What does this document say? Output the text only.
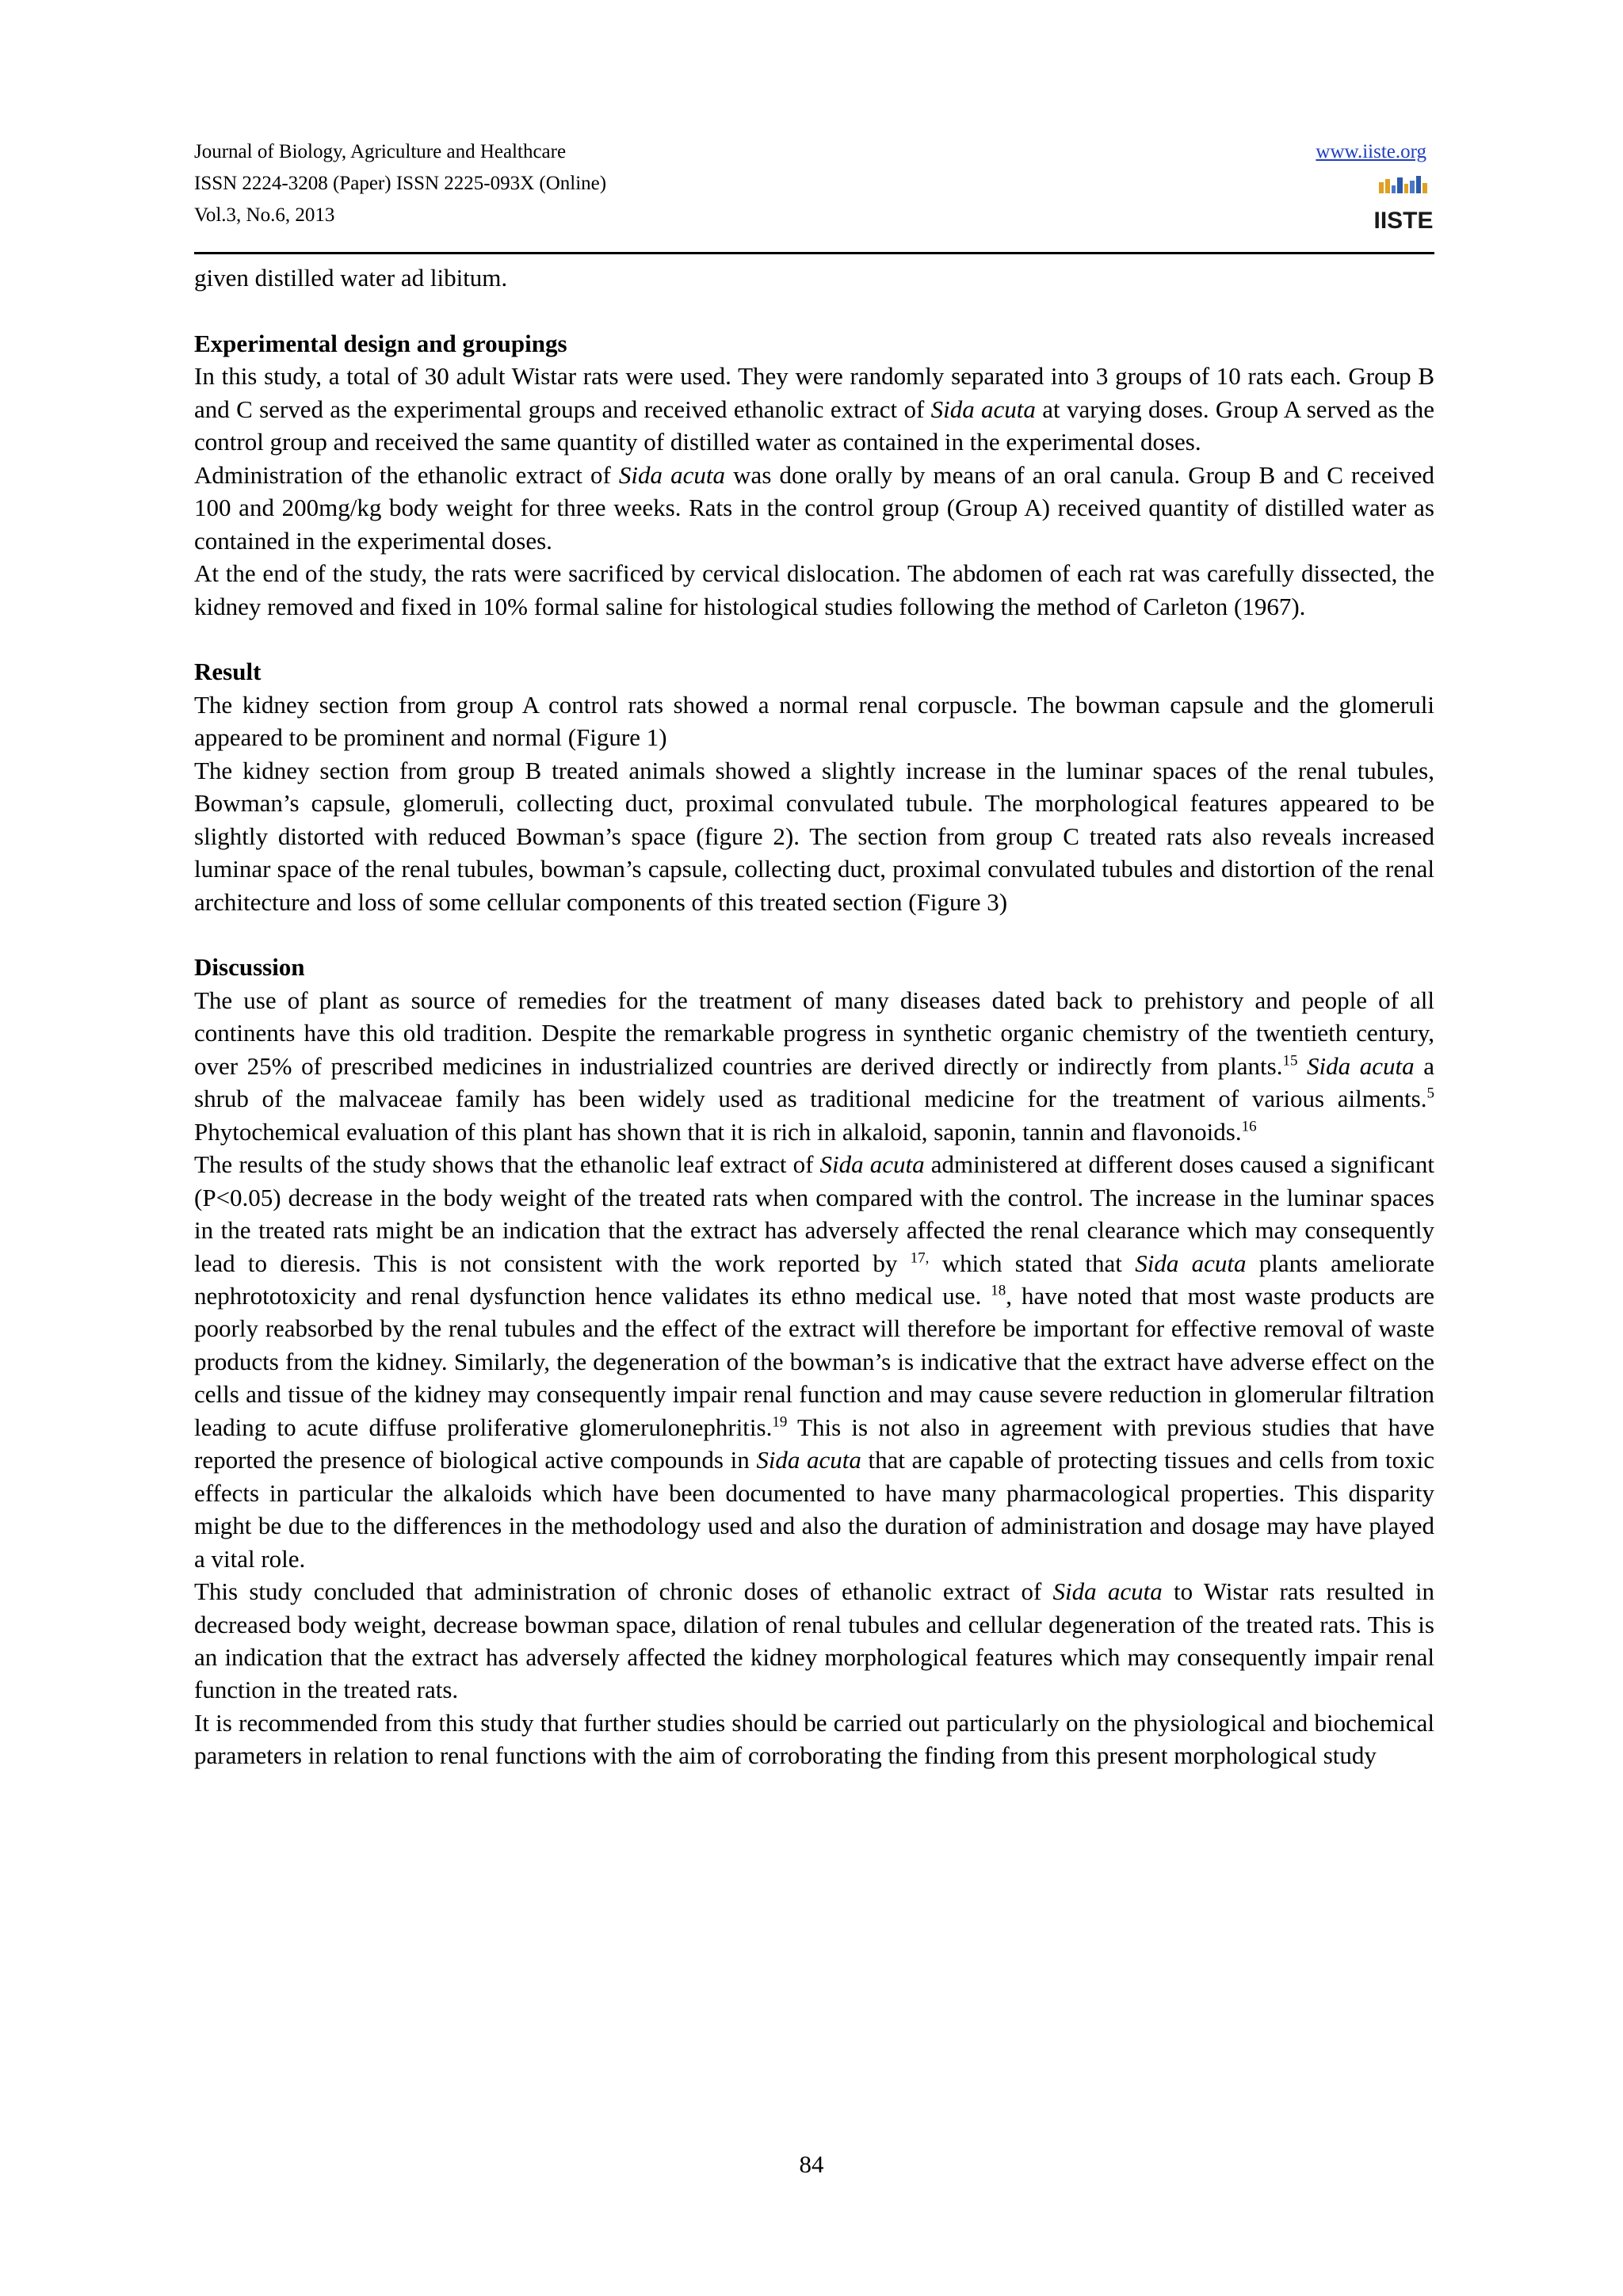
Journal of Biology, Agriculture and Healthcare
ISSN 2224-3208 (Paper) ISSN 2225-093X (Online)
Vol.3, No.6, 2013
www.iiste.org
IISTE

given distilled water ad libitum.

Experimental design and groupings

In this study, a total of 30 adult Wistar rats were used. They were randomly separated into 3 groups of 10 rats each. Group B and C served as the experimental groups and received ethanolic extract of Sida acuta at varying doses. Group A served as the control group and received the same quantity of distilled water as contained in the experimental doses.

Administration of the ethanolic extract of Sida acuta was done orally by means of an oral canula. Group B and C received 100 and 200mg/kg body weight for three weeks. Rats in the control group (Group A) received quantity of distilled water as contained in the experimental doses.

At the end of the study, the rats were sacrificed by cervical dislocation. The abdomen of each rat was carefully dissected, the kidney removed and fixed in 10% formal saline for histological studies following the method of Carleton (1967).

Result

The kidney section from group A control rats showed a normal renal corpuscle. The bowman capsule and the glomeruli appeared to be prominent and normal (Figure 1)

The kidney section from group B treated animals showed a slightly increase in the luminar spaces of the renal tubules, Bowman’s capsule, glomeruli, collecting duct, proximal convulated tubule. The morphological features appeared to be slightly distorted with reduced Bowman’s space (figure 2). The section from group C treated rats also reveals increased luminar space of the renal tubules, bowman’s capsule, collecting duct, proximal convulated tubules and distortion of the renal architecture and loss of some cellular components of this treated section (Figure 3)

Discussion

The use of plant as source of remedies for the treatment of many diseases dated back to prehistory and people of all continents have this old tradition. Despite the remarkable progress in synthetic organic chemistry of the twentieth century, over 25% of prescribed medicines in industrialized countries are derived directly or indirectly from plants.$^{15}$ Sida acuta a shrub of the malvaceae family has been widely used as traditional medicine for the treatment of various ailments.$^5$ Phytochemical evaluation of this plant has shown that it is rich in alkaloid, saponin, tannin and flavonoids.$^{16}$

The results of the study shows that the ethanolic leaf extract of Sida acuta administered at different doses caused a significant (P<0.05) decrease in the body weight of the treated rats when compared with the control. The increase in the luminar spaces in the treated rats might be an indication that the extract has adversely affected the renal clearance which may consequently lead to dieresis. This is not consistent with the work reported by $^{17,}$ which stated that Sida acuta plants ameliorate nephrototoxicity and renal dysfunction hence validates its ethno medical use. $^{18}$, have noted that most waste products are poorly reabsorbed by the renal tubules and the effect of the extract will therefore be important for effective removal of waste products from the kidney. Similarly, the degeneration of the bowman’s is indicative that the extract have adverse effect on the cells and tissue of the kidney may consequently impair renal function and may cause severe reduction in glomerular filtration leading to acute diffuse proliferative glomerulonephritis.$^{19}$ This is not also in agreement with previous studies that have reported the presence of biological active compounds in Sida acuta that are capable of protecting tissues and cells from toxic effects in particular the alkaloids which have been documented to have many pharmacological properties. This disparity might be due to the differences in the methodology used and also the duration of administration and dosage may have played a vital role.

This study concluded that administration of chronic doses of ethanolic extract of Sida acuta to Wistar rats resulted in decreased body weight, decrease bowman space, dilation of renal tubules and cellular degeneration of the treated rats. This is an indication that the extract has adversely affected the kidney morphological features which may consequently impair renal function in the treated rats.

It is recommended from this study that further studies should be carried out particularly on the physiological and biochemical parameters in relation to renal functions with the aim of corroborating the finding from this present morphological study

84
